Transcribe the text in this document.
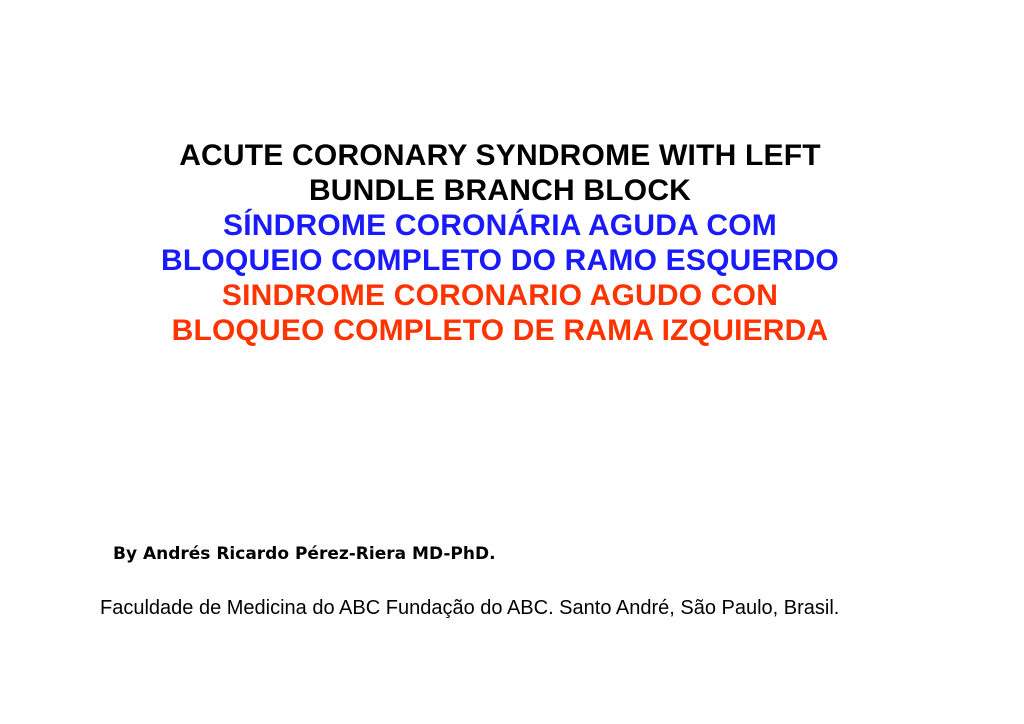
ACUTE CORONARY SYNDROME WITH LEFT
BUNDLE BRANCH BLOCK
SÍNDROME CORONÁRIA AGUDA COM
BLOQUEIO COMPLETO DO RAMO ESQUERDO
SINDROME CORONARIO AGUDO CON
BLOQUEO COMPLETO DE RAMA IZQUIERDA
By Andrés Ricardo Pérez-Riera MD-PhD.
Faculdade de Medicina do ABC Fundação do ABC. Santo André, São Paulo, Brasil.
